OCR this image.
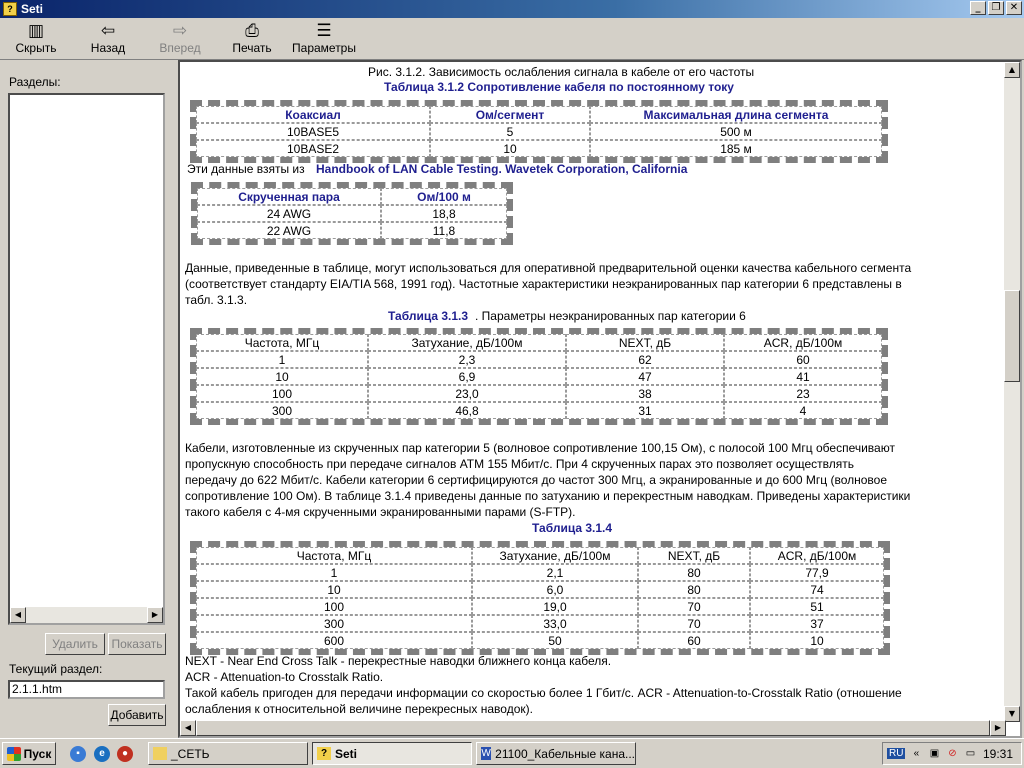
? Seti	_	❐ ✕
▥
Скрыть
⇦
Назад
⇨
Вперед
⎙
Печать
☰
Параметры
Разделы:
◀	▶
Удалить	Показать
Текущий раздел:
2.1.1.htm
Добавить
Рис. 3.1.2. Зависимость ослабления сигнала в кабеле от его частоты
Таблица 3.1.2 Сопротивление кабеля по постоянному току
Коаксиал	Ом/сегмент	Максимальная длина сегмента
10BASE5	5	500 м
10BASE2	10	185 м
Эти данные взяты из Handbook of LAN Cable Testing. Wavetek Corporation, California
Скрученная пара	Ом/100 м
24 AWG	18,8
22 AWG	11,8
Данные, приведенные в таблице, могут использоваться для оперативной предварительной оценки качества кабельного сегмента
(соответствует стандарту EIA/TIA 568, 1991 год). Частотные характеристики неэкранированных пар категории 6 представлены в
табл. 3.1.3.
Таблица 3.1.3 . Параметры неэкранированных пар категории 6
Частота, МГц	Затухание, дБ/100м	NEXT, дБ	ACR, дБ/100м
1	2,3	62	60
10	6,9	47	41
100	23,0	38	23
300	46,8	31	4
Кабели, изготовленные из скрученных пар категории 5 (волновое сопротивление 100,15 Ом), с полосой 100 Мгц обеспечивают
пропускную способность при передаче сигналов ATM 155 Мбит/с. При 4 скрученных парах это позволяет осуществлять
передачу до 622 Мбит/с. Кабели категории 6 сертифицируются до частот 300 Мгц, а экранированные и до 600 Мгц (волновое
сопротивление 100 Ом). В таблице 3.1.4 приведены данные по затуханию и перекрестным наводкам. Приведены характеристики
такого кабеля с 4-мя скрученными экранированными парами (S-FTP).
Таблица 3.1.4
Частота, МГц	Затухание, дБ/100м	NEXT, дБ	ACR, дБ/100м
1	2,1	80	77,9
10	6,0	80	74
100	19,0	70	51
300	33,0	70	37
600	50	60	10
NEXT - Near End Cross Talk - перекрестные наводки ближнего конца кабеля.
ACR - Attenuation-to Crosstalk Ratio.
Такой кабель пригоден для передачи информации со скоростью более 1 Гбит/с. ACR - Attenuation-to-Crosstalk Ratio (отношение
ослабления к относительной величине перекресных наводок).
▲
▼
◀	▶
Пуск	▪	e	●	_СЕТЬ	? Seti	W 21100_Кабельные кана...	RU	«	▣ ⊘ ▭ 19:31
